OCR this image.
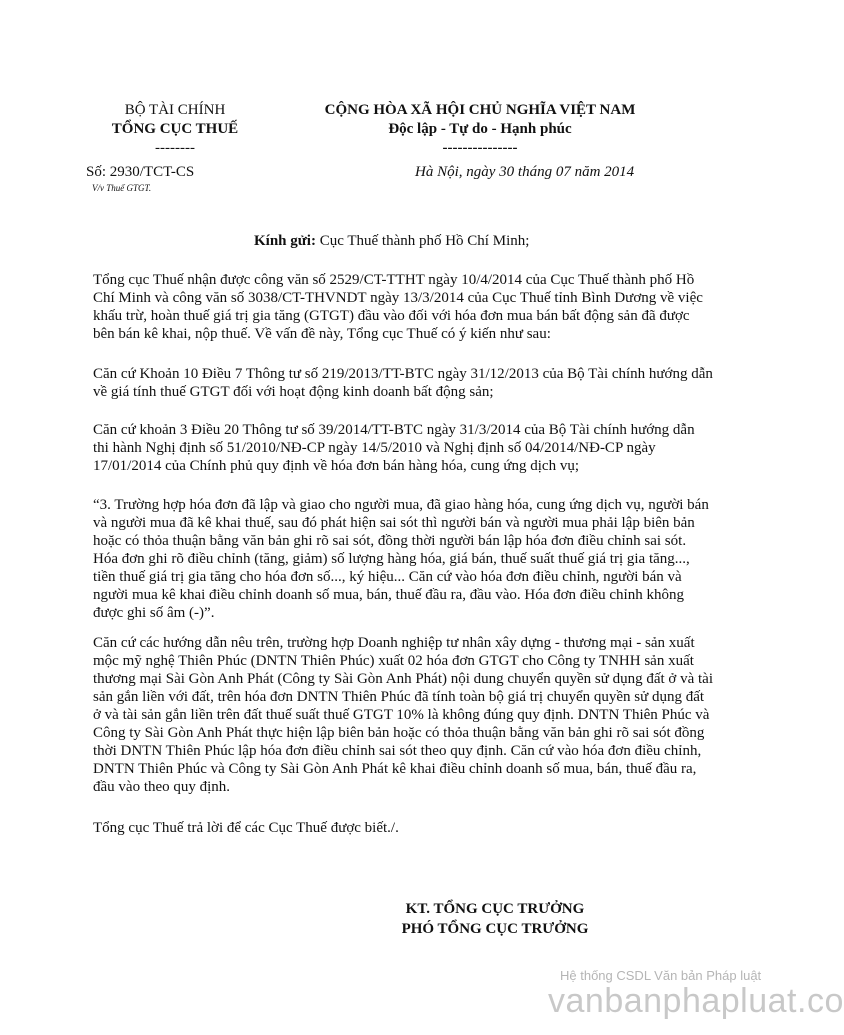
BỘ TÀI CHÍNH
TỔNG CỤC THUẾ
--------
CỘNG HÒA XÃ HỘI CHỦ NGHĨA VIỆT NAM
Độc lập - Tự do - Hạnh phúc
---------------
Số: 2930/TCT-CS
V/v Thuế GTGT.
Hà Nội, ngày 30 tháng 07 năm 2014
Kính gửi: Cục Thuế thành phố Hồ Chí Minh;

Tổng cục Thuế nhận được công văn số 2529/CT-TTHT ngày 10/4/2014 của Cục Thuế thành phố Hồ Chí Minh và công văn số 3038/CT-THVNDT ngày 13/3/2014 của Cục Thuế tỉnh Bình Dương về việc khấu trừ, hoàn thuế giá trị gia tăng (GTGT) đầu vào đối với hóa đơn mua bán bất động sản đã được bên bán kê khai, nộp thuế. Về vấn đề này, Tổng cục Thuế có ý kiến như sau:

Căn cứ Khoản 10 Điều 7 Thông tư số 219/2013/TT-BTC ngày 31/12/2013 của Bộ Tài chính hướng dẫn về giá tính thuế GTGT đối với hoạt động kinh doanh bất động sản;

Căn cứ khoản 3 Điều 20 Thông tư số 39/2014/TT-BTC ngày 31/3/2014 của Bộ Tài chính hướng dẫn thi hành Nghị định số 51/2010/NĐ-CP ngày 14/5/2010 và Nghị định số 04/2014/NĐ-CP ngày 17/01/2014 của Chính phủ quy định về hóa đơn bán hàng hóa, cung ứng dịch vụ;

“3. Trường hợp hóa đơn đã lập và giao cho người mua, đã giao hàng hóa, cung ứng dịch vụ, người bán và người mua đã kê khai thuế, sau đó phát hiện sai sót thì người bán và người mua phải lập biên bản hoặc có thỏa thuận bằng văn bản ghi rõ sai sót, đồng thời người bán lập hóa đơn điều chỉnh sai sót. Hóa đơn ghi rõ điều chỉnh (tăng, giảm) số lượng hàng hóa, giá bán, thuế suất thuế giá trị gia tăng..., tiền thuế giá trị gia tăng cho hóa đơn số..., ký hiệu... Căn cứ vào hóa đơn điều chỉnh, người bán và người mua kê khai điều chỉnh doanh số mua, bán, thuế đầu ra, đầu vào. Hóa đơn điều chỉnh không được ghi số âm (-)”.

Căn cứ các hướng dẫn nêu trên, trường hợp Doanh nghiệp tư nhân xây dựng - thương mại - sản xuất mộc mỹ nghệ Thiên Phúc (DNTN Thiên Phúc) xuất 02 hóa đơn GTGT cho Công ty TNHH sản xuất thương mại Sài Gòn Anh Phát (Công ty Sài Gòn Anh Phát) nội dung chuyển quyền sử dụng đất ở và tài sản gắn liền với đất, trên hóa đơn DNTN Thiên Phúc đã tính toàn bộ giá trị chuyển quyền sử dụng đất ở và tài sản gắn liền trên đất thuế suất thuế GTGT 10% là không đúng quy định. DNTN Thiên Phúc và Công ty Sài Gòn Anh Phát thực hiện lập biên bản hoặc có thỏa thuận bằng văn bản ghi rõ sai sót đồng thời DNTN Thiên Phúc lập hóa đơn điều chỉnh sai sót theo quy định. Căn cứ vào hóa đơn điều chỉnh, DNTN Thiên Phúc và Công ty Sài Gòn Anh Phát kê khai điều chỉnh doanh số mua, bán, thuế đầu ra, đầu vào theo quy định.

Tổng cục Thuế trả lời để các Cục Thuế được biết./.

KT. TỔNG CỤC TRƯỞNG
PHÓ TỔNG CỤC TRƯỞNG
Hệ thống CSDL Văn bản Pháp luật
vanbanphapluat.co
